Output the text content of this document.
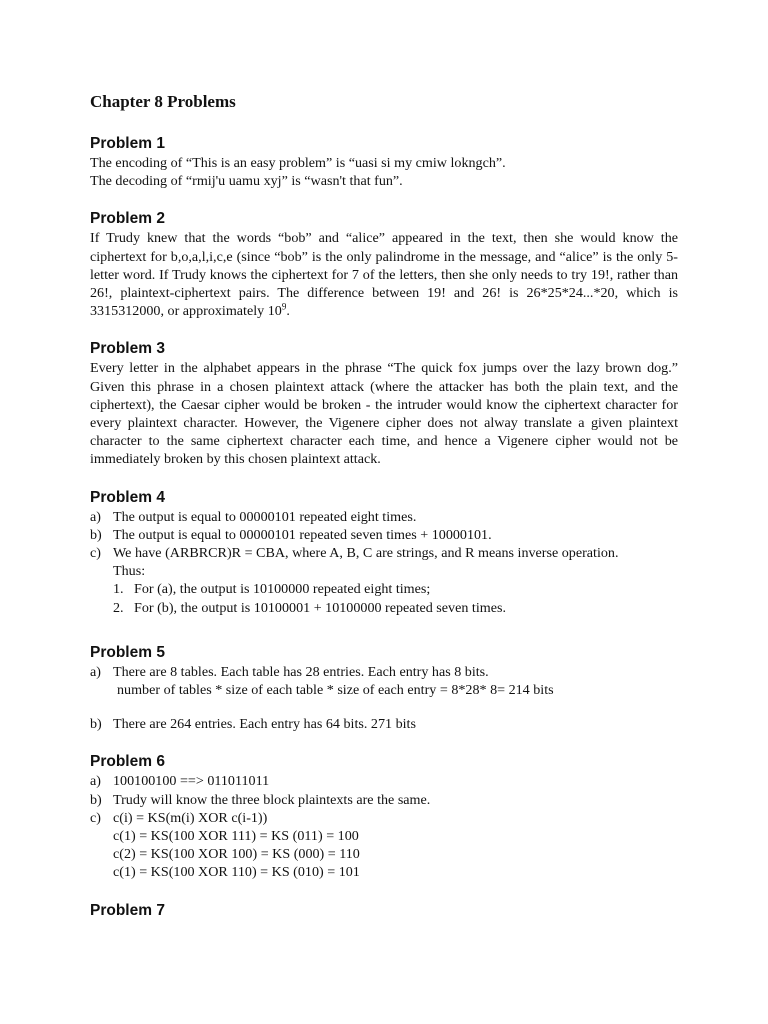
Chapter 8 Problems
Problem 1
The encoding of “This is an easy problem” is “uasi si my cmiw lokngch”.
The decoding of “rmij'u uamu xyj” is “wasn't that fun”.
Problem 2

If Trudy knew that the words “bob” and “alice” appeared in the text, then she would know the ciphertext for b,o,a,l,i,c,e (since “bob” is the only palindrome in the message, and “alice” is the only 5-letter word. If Trudy knows the ciphertext for 7 of the letters, then she only needs to try 19!, rather than 26!, plaintext-ciphertext pairs. The difference between 19! and 26! is 26*25*24...*20, which is 3315312000, or approximately $10^9$.

Problem 3

Every letter in the alphabet appears in the phrase “The quick fox jumps over the lazy brown dog.” Given this phrase in a chosen plaintext attack (where the attacker has both the plain text, and the ciphertext), the Caesar cipher would be broken - the intruder would know the ciphertext character for every plaintext character. However, the Vigenere cipher does not alway translate a given plaintext character to the same ciphertext character each time, and hence a Vigenere cipher would not be immediately broken by this chosen plaintext attack.

Problem 4
a) The output is equal to 00000101 repeated eight times.
b) The output is equal to 00000101 repeated seven times + 10000101.
c) We have (ARBRCR)R = CBA, where A, B, C are strings, and R means inverse operation.
Thus:
1. For (a), the output is 10100000 repeated eight times;
2. For (b), the output is 10100001 + 10100000 repeated seven times.
Problem 5
a) There are 8 tables. Each table has 28 entries. Each entry has 8 bits.
number of tables * size of each table * size of each entry = 8*28* 8= 214 bits
b) There are 264 entries. Each entry has 64 bits. 271 bits
Problem 6
a) 100100100 ==> 011011011
b) Trudy will know the three block plaintexts are the same.
c) c(i) = KS(m(i) XOR c(i-1))
c(1) = KS(100 XOR 111) = KS (011) = 100
c(2) = KS(100 XOR 100) = KS (000) = 110
c(1) = KS(100 XOR 110) = KS (010) = 101
Problem 7
